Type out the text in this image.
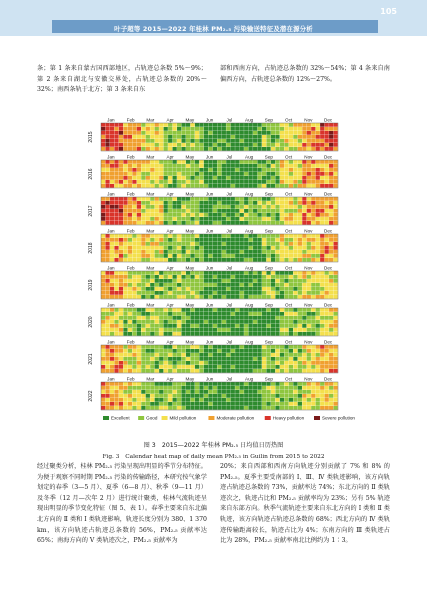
105
叶子超等 2015—2022 年桂林 PM₂.₅ 污染输送特征及潜在源分析
条；第 1 条来自蒙古国西部地区，占轨迹总条数 5%～9%；第 2 条来自湖北与安徽交界处，占轨迹总条数的 20%～32%；南西条轨于北方；第 3 条来自东
部和西南方向，占轨迹总条数的 32%～54%；第 4 条来自南偏西方向，占轨迹总条数的 12%～27%。
Jan	Feb	Mar	Apr	May	Jun	Jul	Aug	Sep	Oct	Nov	Dec
2015
Jan	Feb	Mar	Apr	May	Jun	Jul	Aug	Sep	Oct	Nov	Dec
2016
Jan	Feb	Mar	Apr	May	Jun	Jul	Aug	Sep	Oct	Nov	Dec
2017
Jan	Feb	Mar	Apr	May	Jun	Jul	Aug	Sep	Oct	Nov	Dec
2018
Jan	Feb	Mar	Apr	May	Jun	Jul	Aug	Sep	Oct	Nov	Dec
2019
Jan	Feb	Mar	Apr	May	Jun	Jul	Aug	Sep	Oct	Nov	Dec
2020
Jan	Feb	Mar	Apr	May	Jun	Jul	Aug	Sep	Oct	Nov	Dec
2021
Jan	Feb	Mar	Apr	May	Jun	Jul	Aug	Sep	Oct	Nov	Dec
2022
Excellent	Good	Mild pollution	Moderate pollution	Heavy pollution	Severe pollution
图 3　2015—2022 年桂林 PM₂.₅ 日均值日历热图
Fig. 3　Calendar heat map of daily mean PM₂.₅ in Guilin from 2015 to 2022
经过聚类分析，桂林 PM₂.₅ 污染呈现出明显的季节分布特征。为便于观察不同时期 PM₂.₅ 污染的传输路径，本研究按气象学划定的春季（3—5 月）、夏季（6—8 月）、秋季（9—11 月）及冬季（12 月—次年 2 月）进行统计聚类，桂林气流轨迹呈现出明显的季节变化特征（图 5、表 1）。春季主要来自东北偏北方向的 Ⅱ 类和 Ⅰ 类轨迹影响，轨迹长度分别为 380、1 370 km，该方向轨迹占轨迹总条数的 56%，PM₂.₅ 贡献率达 65%；南海方向的 Ⅴ 类轨迹次之，PM₂.₅ 贡献率为
20%；来自西部和西南方向轨迹分别贡献了 7% 和 8% 的 PM₂.₅。夏季主要受南部的 Ⅰ、Ⅲ、Ⅳ 类轨迹影响，该方向轨迹占轨迹总条数的 73%，贡献率达 74%；东北方向的 Ⅱ 类轨迹次之，轨迹占比和 PM₂.₅ 贡献率均为 23%；另有 5% 轨迹来自东部方向。秋季气流轨迹主要来自东北方向的 Ⅰ 类和 Ⅱ 类轨迹，该方向轨迹占轨迹总条数的 68%；西北方向的 Ⅳ 类轨迹传输距离较长，轨迹占比为 4%；东南方向的 Ⅲ 类轨迹占比为 28%，PM₂.₅ 贡献率南北比例约为 1∶3。
